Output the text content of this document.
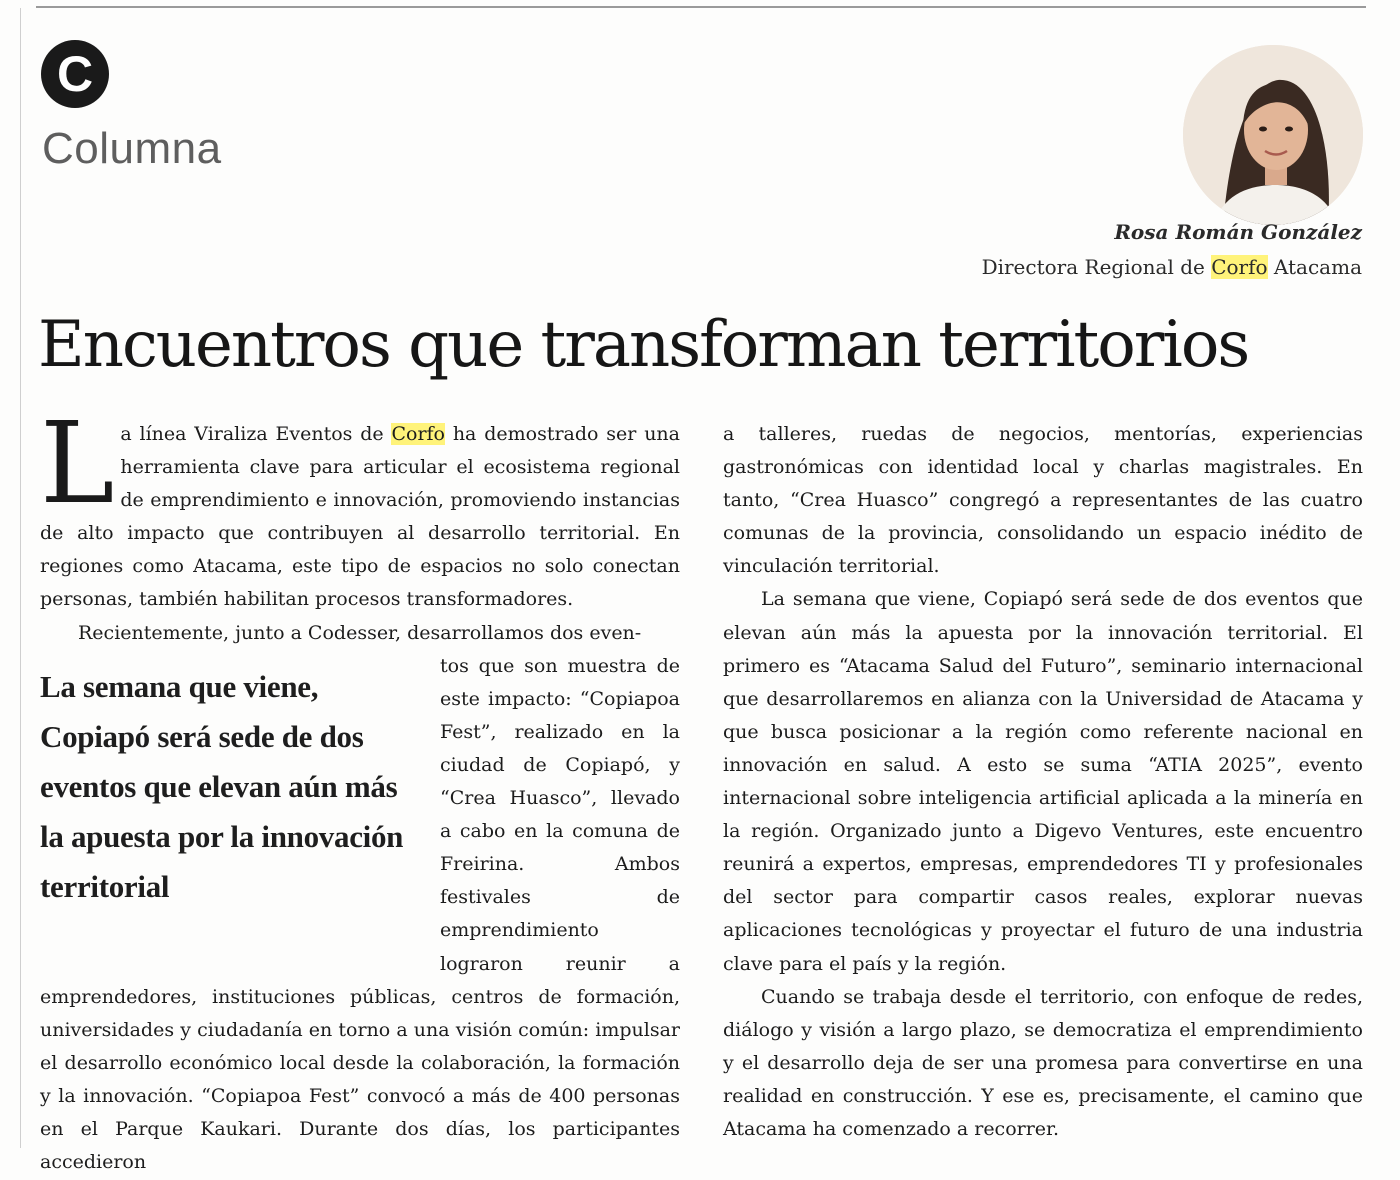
C
Columna
Rosa Román González
Directora Regional de Corfo Atacama
Encuentros que transforman territorios

La línea Viraliza Eventos de Corfo ha demostrado ser una herramienta clave para articular el ecosistema regional de emprendimiento e innovación, promoviendo instancias de alto impacto que contribuyen al desarrollo territorial. En regiones como Atacama, este tipo de espacios no solo conectan personas, también habilitan procesos transformadores.

Recientemente, junto a Codesser, desarrollamos dos even-

La semana que viene, Copiapó será sede de dos eventos que elevan aún más la apuesta por la innovación territorial

tos que son muestra de este impacto: “Copiapoa Fest”, realizado en la ciudad de Copiapó, y “Crea Huasco”, llevado a cabo en la comuna de Freirina. Ambos festivales de emprendimiento lograron reunir a emprendedores, instituciones públicas, centros de formación, universidades y ciudadanía en torno a una visión común: impulsar el desarrollo económico local desde la colaboración, la formación y la innovación. “Copiapoa Fest” convocó a más de 400 personas en el Parque Kaukari. Durante dos días, los participantes accedieron

a talleres, ruedas de negocios, mentorías, experiencias gastronómicas con identidad local y charlas magistrales. En tanto, “Crea Huasco” congregó a representantes de las cuatro comunas de la provincia, consolidando un espacio inédito de vinculación territorial.

La semana que viene, Copiapó será sede de dos eventos que elevan aún más la apuesta por la innovación territorial. El primero es “Atacama Salud del Futuro”, seminario internacional que desarrollaremos en alianza con la Universidad de Atacama y que busca posicionar a la región como referente nacional en innovación en salud. A esto se suma “ATIA 2025”, evento internacional sobre inteligencia artificial aplicada a la minería en la región. Organizado junto a Digevo Ventures, este encuentro reunirá a expertos, empresas, emprendedores TI y profesionales del sector para compartir casos reales, explorar nuevas aplicaciones tecnológicas y proyectar el futuro de una industria clave para el país y la región.

Cuando se trabaja desde el territorio, con enfoque de redes, diálogo y visión a largo plazo, se democratiza el emprendimiento y el desarrollo deja de ser una promesa para convertirse en una realidad en construcción. Y ese es, precisamente, el camino que Atacama ha comenzado a recorrer.
